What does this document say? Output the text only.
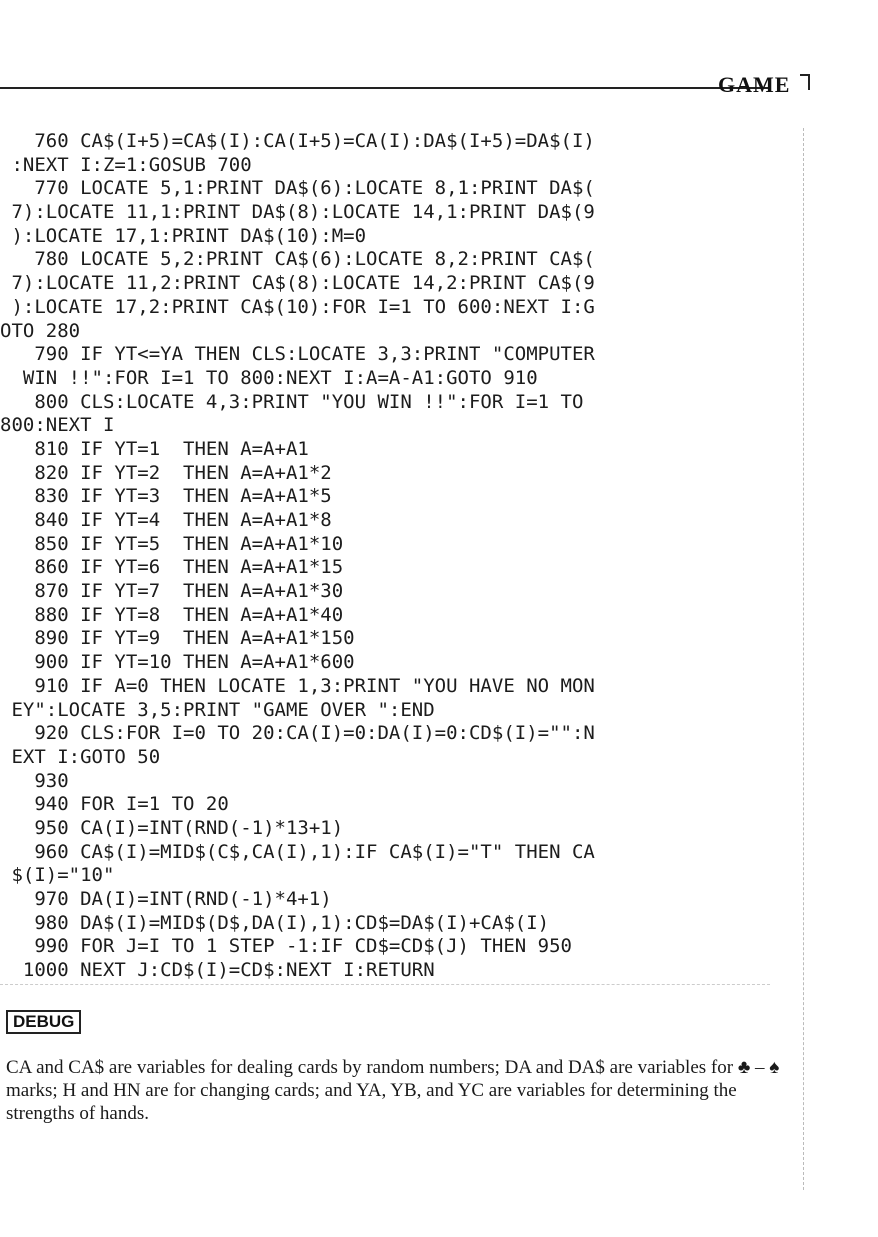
GAME
760 CA$(I+5)=CA$(I):CA(I+5)=CA(I):DA$(I+5)=DA$(I)
:NEXT I:Z=1:GOSUB 700
770 LOCATE 5,1:PRINT DA$(6):LOCATE 8,1:PRINT DA$(
7):LOCATE 11,1:PRINT DA$(8):LOCATE 14,1:PRINT DA$(9
):LOCATE 17,1:PRINT DA$(10):M=0
780 LOCATE 5,2:PRINT CA$(6):LOCATE 8,2:PRINT CA$(
7):LOCATE 11,2:PRINT CA$(8):LOCATE 14,2:PRINT CA$(9
):LOCATE 17,2:PRINT CA$(10):FOR I=1 TO 600:NEXT I:G
OTO 280
790 IF YT<=YA THEN CLS:LOCATE 3,3:PRINT "COMPUTER
WIN !!":FOR I=1 TO 800:NEXT I:A=A-A1:GOTO 910
800 CLS:LOCATE 4,3:PRINT "YOU WIN !!":FOR I=1 TO
800:NEXT I
810 IF YT=1  THEN A=A+A1
820 IF YT=2  THEN A=A+A1*2
830 IF YT=3  THEN A=A+A1*5
840 IF YT=4  THEN A=A+A1*8
850 IF YT=5  THEN A=A+A1*10
860 IF YT=6  THEN A=A+A1*15
870 IF YT=7  THEN A=A+A1*30
880 IF YT=8  THEN A=A+A1*40
890 IF YT=9  THEN A=A+A1*150
900 IF YT=10 THEN A=A+A1*600
910 IF A=0 THEN LOCATE 1,3:PRINT "YOU HAVE NO MON
EY":LOCATE 3,5:PRINT "GAME OVER ":END
920 CLS:FOR I=0 TO 20:CA(I)=0:DA(I)=0:CD$(I)="":N
EXT I:GOTO 50
930
940 FOR I=1 TO 20
950 CA(I)=INT(RND(-1)*13+1)
960 CA$(I)=MID$(C$,CA(I),1):IF CA$(I)="T" THEN CA
$(I)="10"
970 DA(I)=INT(RND(-1)*4+1)
980 DA$(I)=MID$(D$,DA(I),1):CD$=DA$(I)+CA$(I)
990 FOR J=I TO 1 STEP -1:IF CD$=CD$(J) THEN 950
1000 NEXT J:CD$(I)=CD$:NEXT I:RETURN
DEBUG
CA and CA$ are variables for dealing cards by random numbers; DA and DA$ are variables for ♣ – ♠ marks; H and HN are for changing cards; and YA, YB, and YC are variables for determining the strengths of hands.
